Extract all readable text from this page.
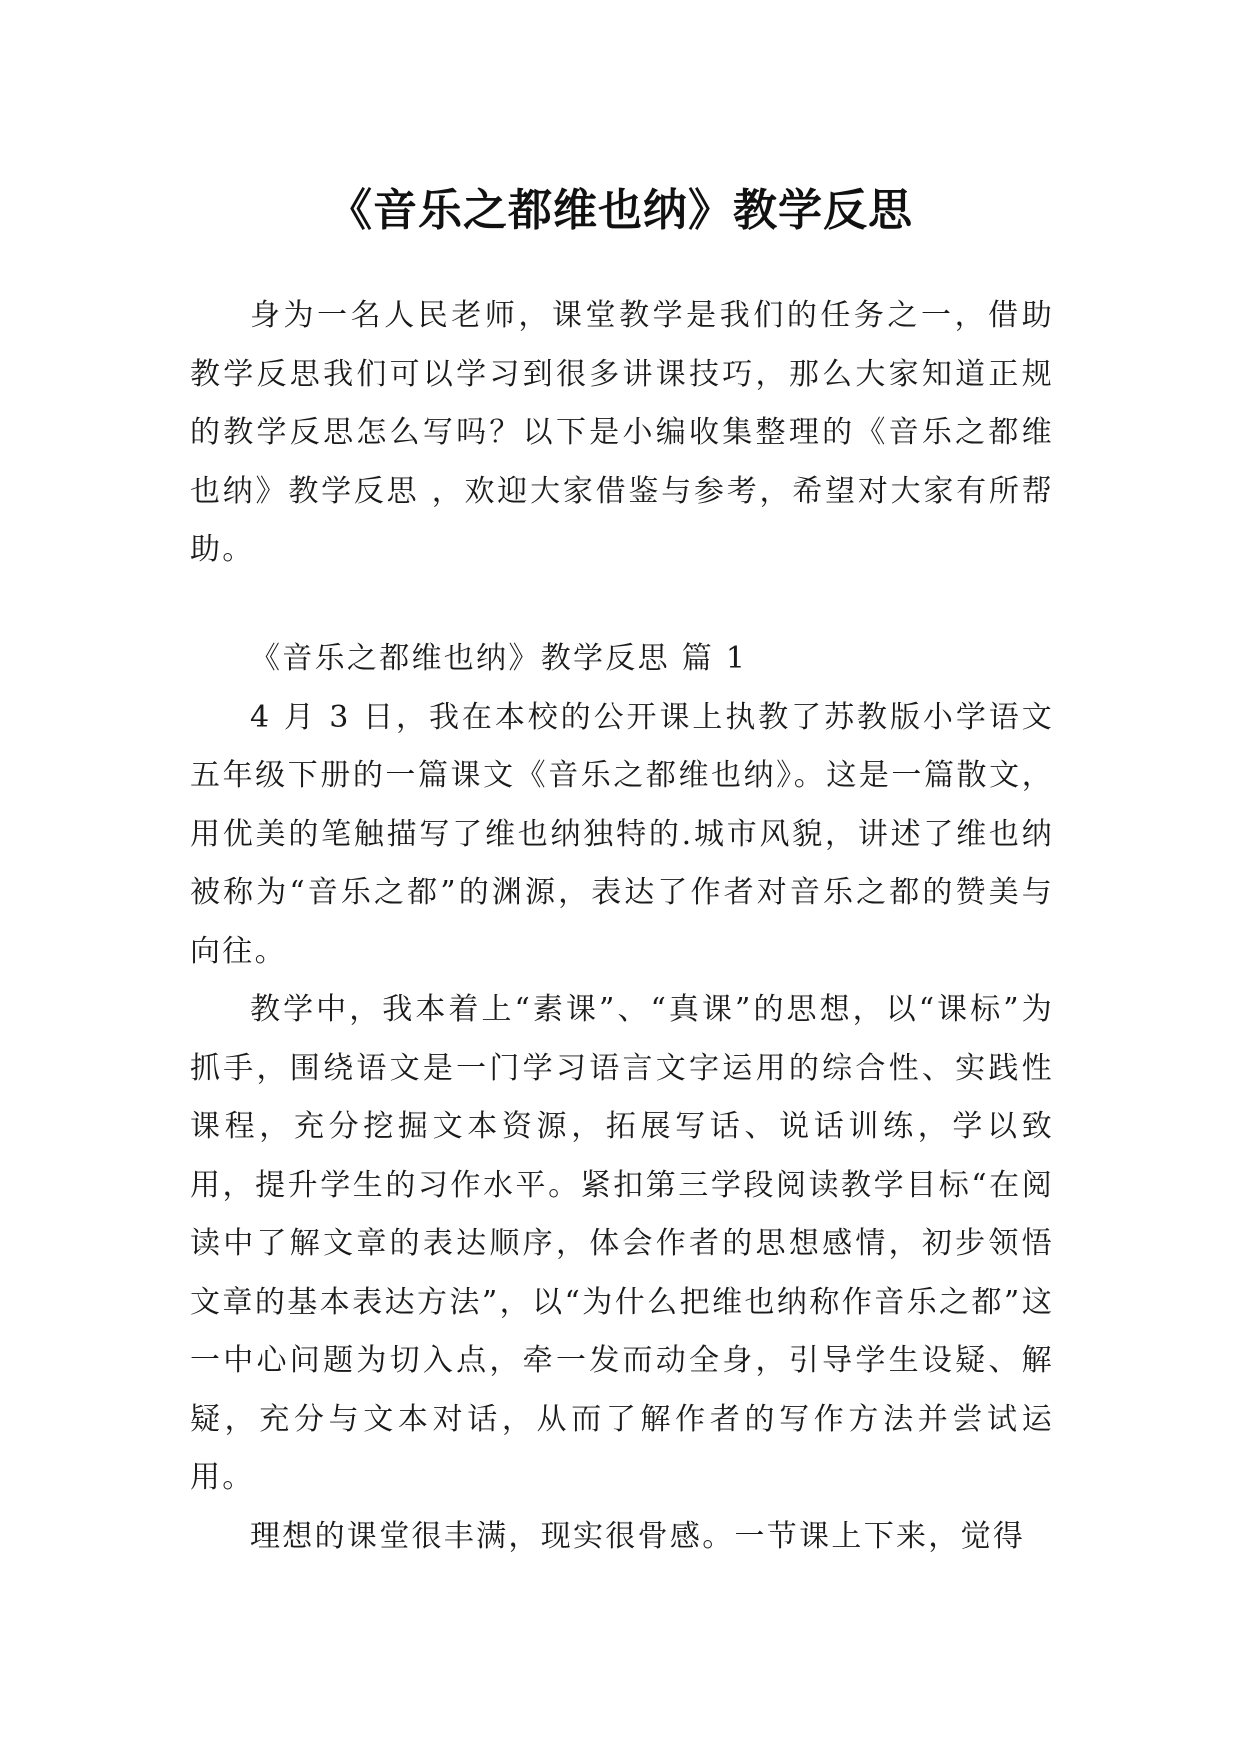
《音乐之都维也纳》教学反思

身为一名人民老师，课堂教学是我们的任务之一，借助教学反思我们可以学习到很多讲课技巧，那么大家知道正规的教学反思怎么写吗？以下是小编收集整理的《音乐之都维也纳》教学反思 ，欢迎大家借鉴与参考，希望对大家有所帮助。

《音乐之都维也纳》教学反思 篇 1

4 月 3 日，我在本校的公开课上执教了苏教版小学语文五年级下册的一篇课文《音乐之都维也纳》。这是一篇散文，用优美的笔触描写了维也纳独特的.城市风貌，讲述了维也纳被称为“音乐之都”的渊源，表达了作者对音乐之都的赞美与向往。

教学中，我本着上“素课”、“真课”的思想，以“课标”为抓手，围绕语文是一门学习语言文字运用的综合性、实践性课程，充分挖掘文本资源，拓展写话、说话训练，学以致用，提升学生的习作水平。紧扣第三学段阅读教学目标“在阅读中了解文章的表达顺序，体会作者的思想感情，初步领悟文章的基本表达方法”，以“为什么把维也纳称作音乐之都”这一中心问题为切入点，牵一发而动全身，引导学生设疑、解疑，充分与文本对话，从而了解作者的写作方法并尝试运用。

理想的课堂很丰满，现实很骨感。一节课上下来，觉得
